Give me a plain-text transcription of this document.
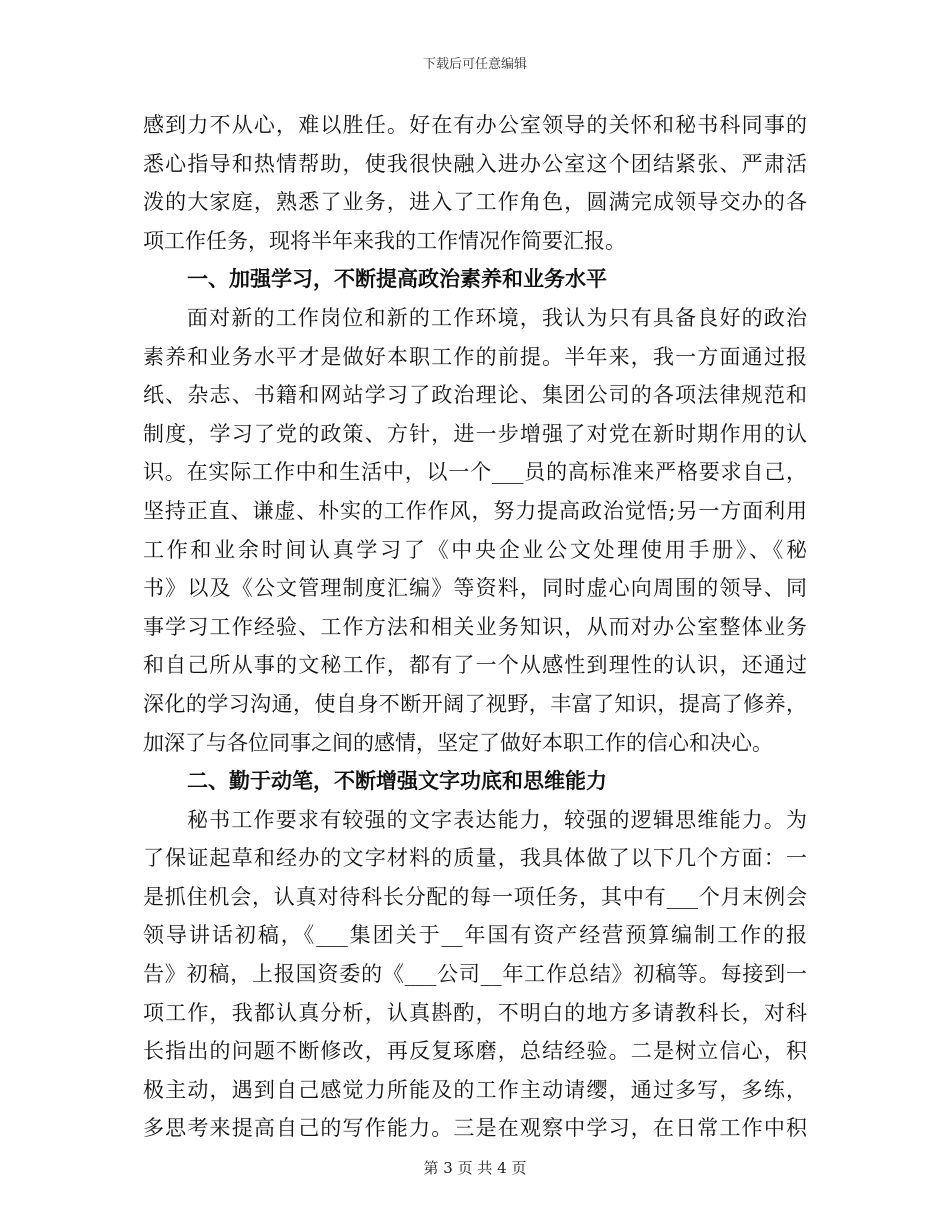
下载后可任意编辑
感到力不从心，难以胜任。好在有办公室领导的关怀和秘书科同事的
悉心指导和热情帮助，使我很快融入进办公室这个团结紧张、严肃活
泼的大家庭，熟悉了业务，进入了工作角色，圆满完成领导交办的各
项工作任务，现将半年来我的工作情况作简要汇报。
一、加强学习，不断提高政治素养和业务水平
面对新的工作岗位和新的工作环境，我认为只有具备良好的政治
素养和业务水平才是做好本职工作的前提。半年来，我一方面通过报
纸、杂志、书籍和网站学习了政治理论、集团公司的各项法律规范和
制度，学习了党的政策、方针，进一步增强了对党在新时期作用的认
识。在实际工作中和生活中，以一个___员的高标准来严格要求自己，
坚持正直、谦虚、朴实的工作作风，努力提高政治觉悟;另一方面利用
工作和业余时间认真学习了《中央企业公文处理使用手册》、《秘
书》以及《公文管理制度汇编》等资料，同时虚心向周围的领导、同
事学习工作经验、工作方法和相关业务知识，从而对办公室整体业务
和自己所从事的文秘工作，都有了一个从感性到理性的认识，还通过
深化的学习沟通，使自身不断开阔了视野，丰富了知识，提高了修养，
加深了与各位同事之间的感情，坚定了做好本职工作的信心和决心。
二、勤于动笔，不断增强文字功底和思维能力
秘书工作要求有较强的文字表达能力，较强的逻辑思维能力。为
了保证起草和经办的文字材料的质量，我具体做了以下几个方面：一
是抓住机会，认真对待科长分配的每一项任务，其中有___个月末例会
领导讲话初稿，《___集团关于__年国有资产经营预算编制工作的报
告》初稿，上报国资委的《___公司__年工作总结》初稿等。每接到一
项工作，我都认真分析，认真斟酌，不明白的地方多请教科长，对科
长指出的问题不断修改，再反复琢磨，总结经验。二是树立信心，积
极主动，遇到自己感觉力所能及的工作主动请缨，通过多写，多练，
多思考来提高自己的写作能力。三是在观察中学习，在日常工作中积
第 3 页 共 4 页
